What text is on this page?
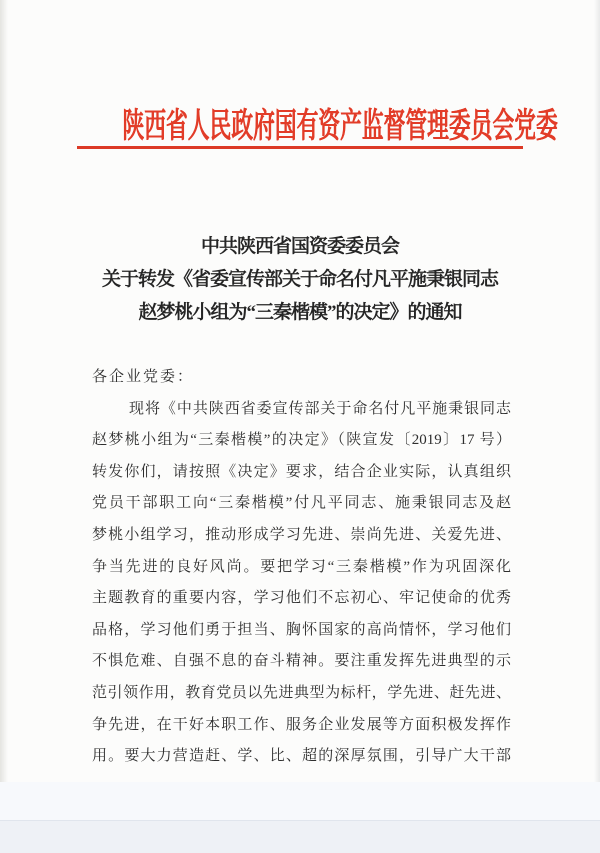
陕西省人民政府国有资产监督管理委员会党委
中共陕西省国资委委员会
关于转发《省委宣传部关于命名付凡平施秉银同志
赵梦桃小组为“三秦楷模”的决定》的通知
各企业党委：
现将《中共陕西省委宣传部关于命名付凡平施秉银同志
赵梦桃小组为“三秦楷模”的决定》（陕宣发〔2019〕17 号）
转发你们，请按照《决定》要求，结合企业实际，认真组织
党员干部职工向“三秦楷模”付凡平同志、施秉银同志及赵
梦桃小组学习，推动形成学习先进、崇尚先进、关爱先进、
争当先进的良好风尚。要把学习“三秦楷模”作为巩固深化
主题教育的重要内容，学习他们不忘初心、牢记使命的优秀
品格，学习他们勇于担当、胸怀国家的高尚情怀，学习他们
不惧危难、自强不息的奋斗精神。要注重发挥先进典型的示
范引领作用，教育党员以先进典型为标杆，学先进、赶先进、
争先进，在干好本职工作、服务企业发展等方面积极发挥作
用。要大力营造赶、学、比、超的深厚氛围，引导广大干部
